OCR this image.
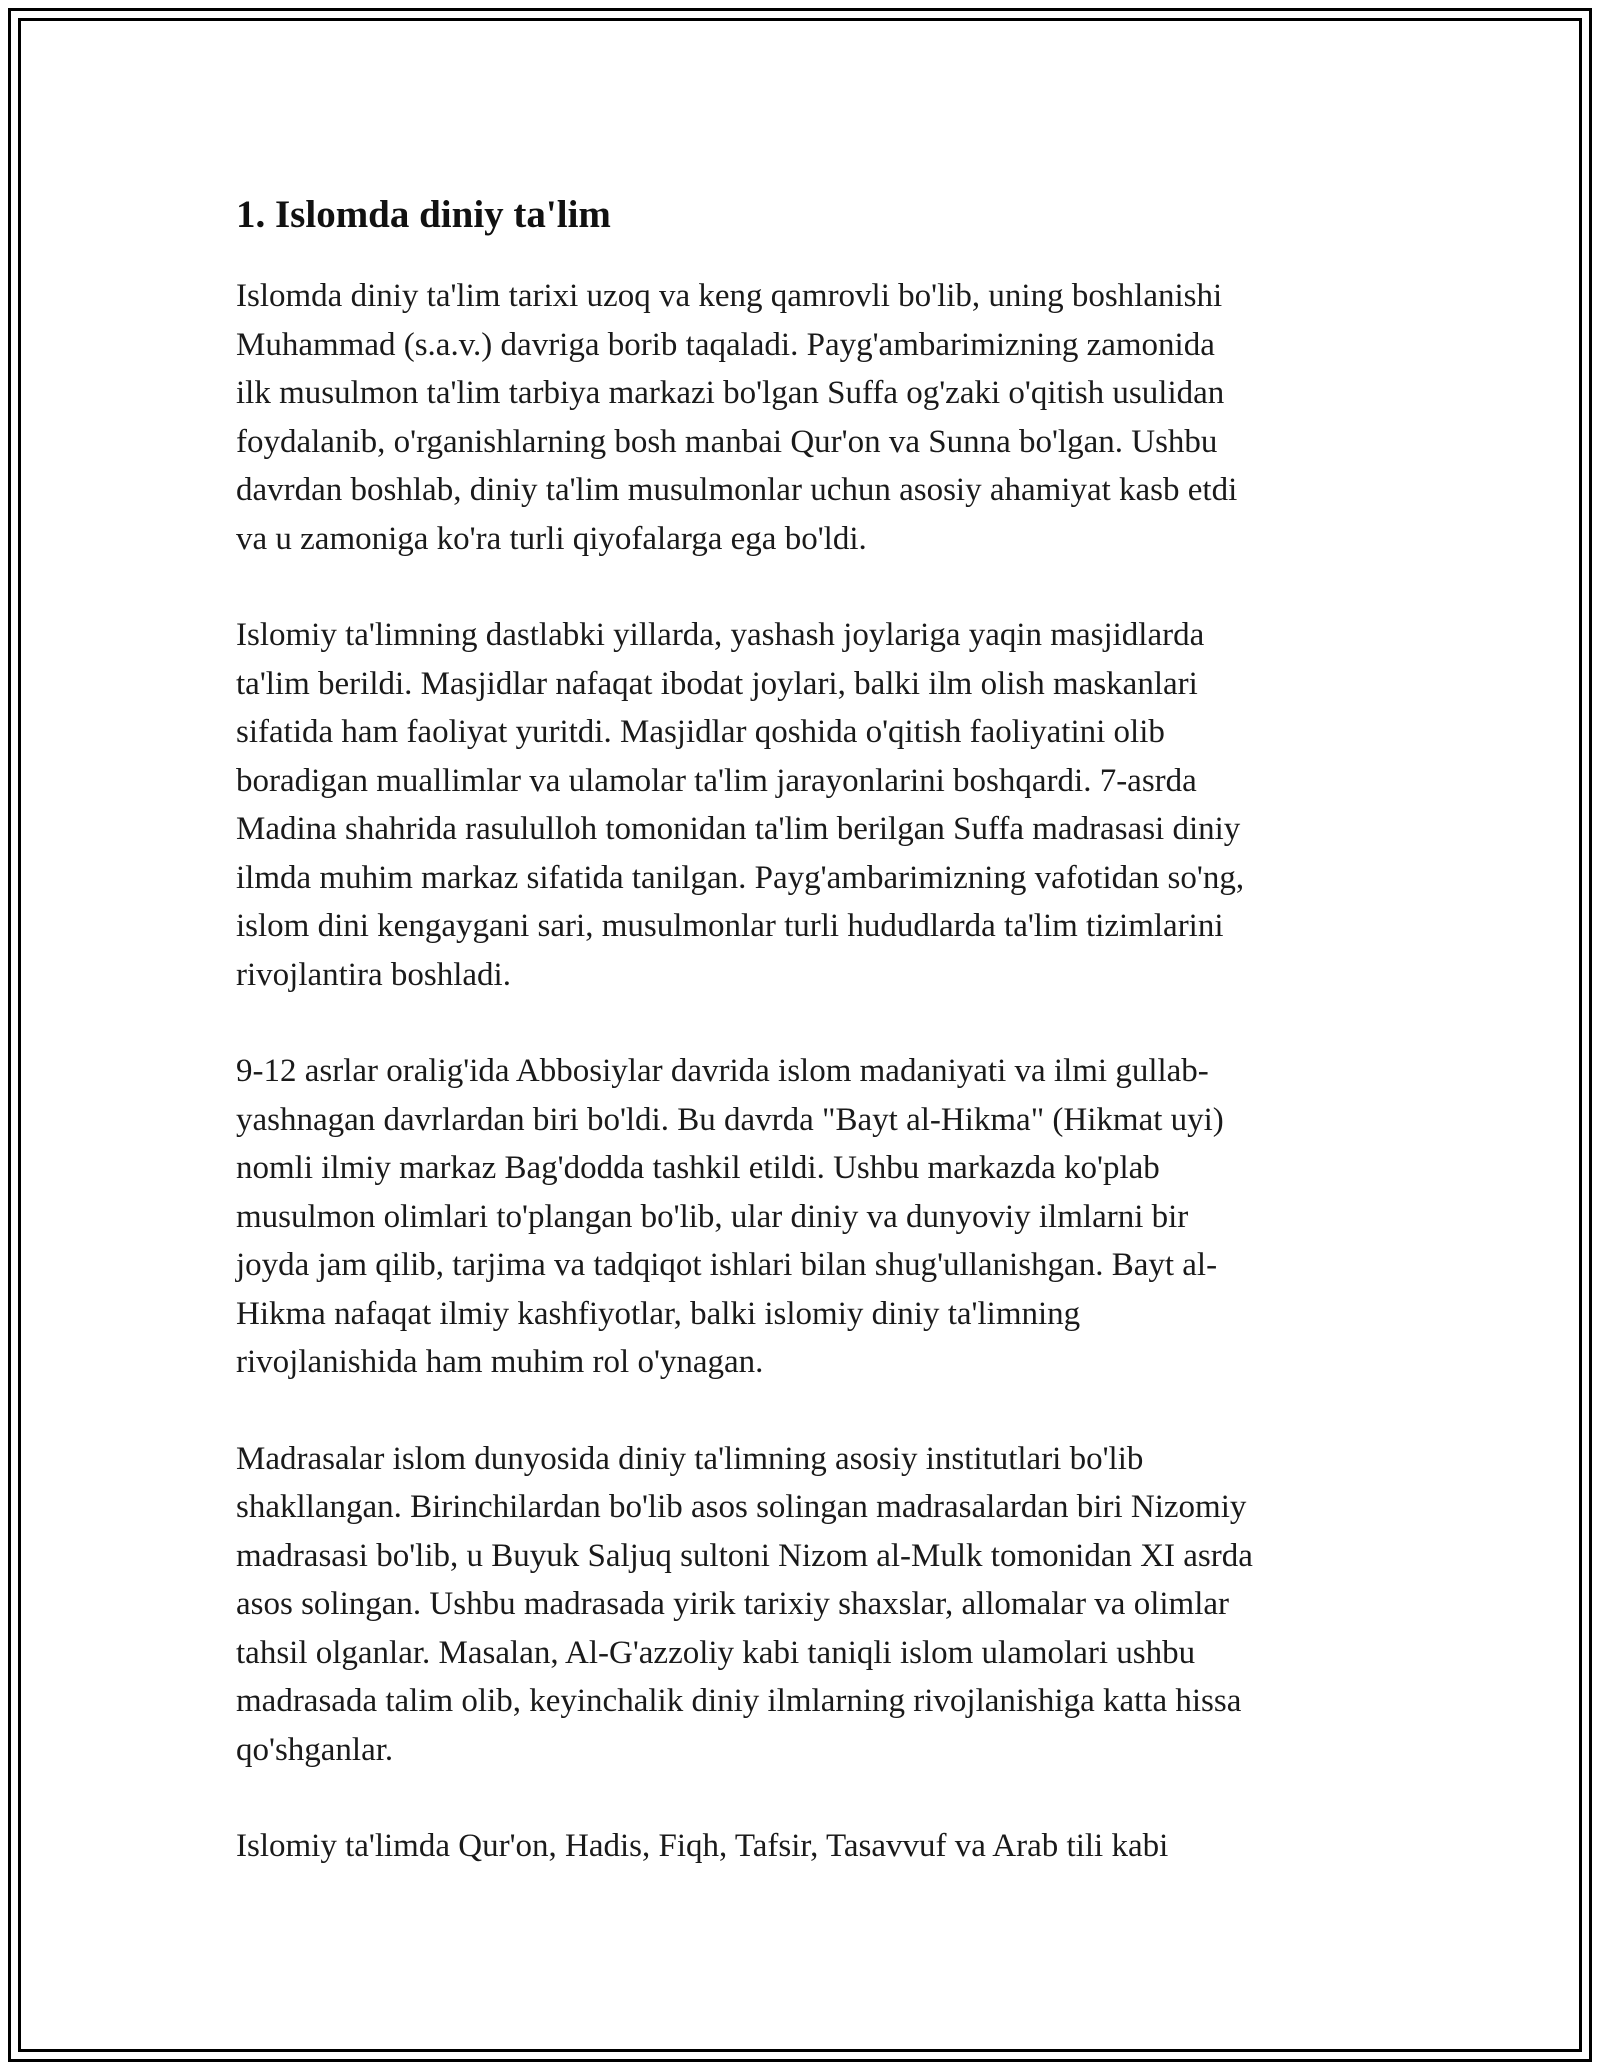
1. Islomda diniy ta'lim

Islomda diniy ta'lim tarixi uzoq va keng qamrovli bo'lib, uning boshlanishi
Muhammad (s.a.v.) davriga borib taqaladi. Payg'ambarimizning zamonida
ilk musulmon ta'lim tarbiya markazi bo'lgan Suffa og'zaki o'qitish usulidan
foydalanib, o'rganishlarning bosh manbai Qur'on va Sunna bo'lgan. Ushbu
davrdan boshlab, diniy ta'lim musulmonlar uchun asosiy ahamiyat kasb etdi
va u zamoniga ko'ra turli qiyofalarga ega bo'ldi.

Islomiy ta'limning dastlabki yillarda, yashash joylariga yaqin masjidlarda
ta'lim berildi. Masjidlar nafaqat ibodat joylari, balki ilm olish maskanlari
sifatida ham faoliyat yuritdi. Masjidlar qoshida o'qitish faoliyatini olib
boradigan muallimlar va ulamolar ta'lim jarayonlarini boshqardi. 7-asrda
Madina shahrida rasululloh tomonidan ta'lim berilgan Suffa madrasasi diniy
ilmda muhim markaz sifatida tanilgan. Payg'ambarimizning vafotidan so'ng,
islom dini kengaygani sari, musulmonlar turli hududlarda ta'lim tizimlarini
rivojlantira boshladi.

9-12 asrlar oralig'ida Abbosiylar davrida islom madaniyati va ilmi gullab-
yashnagan davrlardan biri bo'ldi. Bu davrda "Bayt al-Hikma" (Hikmat uyi)
nomli ilmiy markaz Bag'dodda tashkil etildi. Ushbu markazda ko'plab
musulmon olimlari to'plangan bo'lib, ular diniy va dunyoviy ilmlarni bir
joyda jam qilib, tarjima va tadqiqot ishlari bilan shug'ullanishgan. Bayt al-
Hikma nafaqat ilmiy kashfiyotlar, balki islomiy diniy ta'limning
rivojlanishida ham muhim rol o'ynagan.

Madrasalar islom dunyosida diniy ta'limning asosiy institutlari bo'lib
shakllangan. Birinchilardan bo'lib asos solingan madrasalardan biri Nizomiy
madrasasi bo'lib, u Buyuk Saljuq sultoni Nizom al-Mulk tomonidan XI asrda
asos solingan. Ushbu madrasada yirik tarixiy shaxslar, allomalar va olimlar
tahsil olganlar. Masalan, Al-G'azzoliy kabi taniqli islom ulamolari ushbu
madrasada talim olib, keyinchalik diniy ilmlarning rivojlanishiga katta hissa
qo'shganlar.

Islomiy ta'limda Qur'on, Hadis, Fiqh, Tafsir, Tasavvuf va Arab tili kabi
